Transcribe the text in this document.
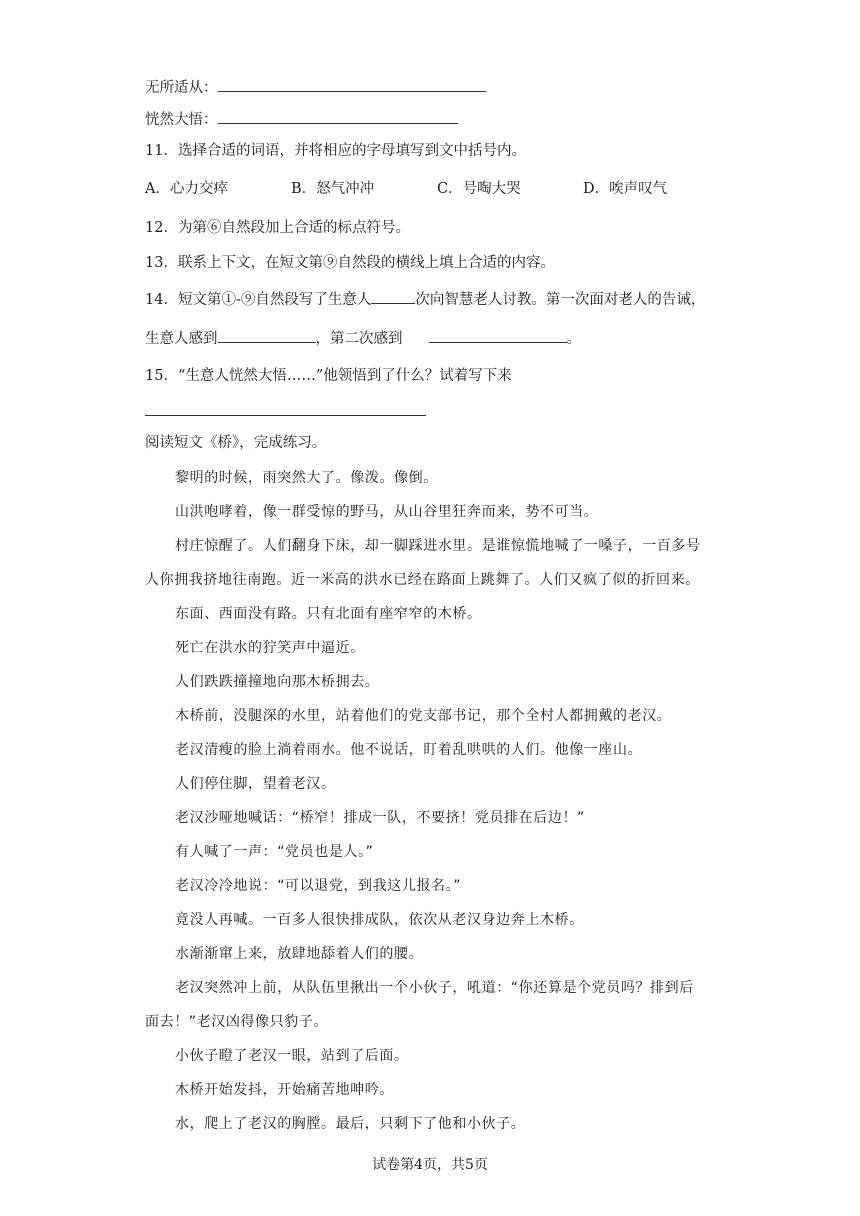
无所适从：
恍然大悟：
11．选择合适的词语，并将相应的字母填写到文中括号内。
A．心力交瘁	B．怒气冲冲	C．号啕大哭	D．唉声叹气
12．为第⑥自然段加上合适的标点符号。
13．联系上下文，在短文第⑨自然段的横线上填上合适的内容。
14．短文第①-⑨自然段写了生意人	次向智慧老人讨教。第一次面对老人的告诫，
生意人感到	，第二次感到	。
15．“生意人恍然大悟……”他领悟到了什么？试着写下来
阅读短文《桥》，完成练习。
黎明的时候，雨突然大了。像泼。像倒。
山洪咆哮着，像一群受惊的野马，从山谷里狂奔而来，势不可当。
村庄惊醒了。人们翻身下床，却一脚踩进水里。是谁惊慌地喊了一嗓子，一百多号
人你拥我挤地往南跑。近一米高的洪水已经在路面上跳舞了。人们又疯了似的折回来。
东面、西面没有路。只有北面有座窄窄的木桥。
死亡在洪水的狞笑声中逼近。
人们跌跌撞撞地向那木桥拥去。
木桥前，没腿深的水里，站着他们的党支部书记，那个全村人都拥戴的老汉。
老汉清瘦的脸上淌着雨水。他不说话，盯着乱哄哄的人们。他像一座山。
人们停住脚，望着老汉。
老汉沙哑地喊话：“桥窄！排成一队，不要挤！党员排在后边！”
有人喊了一声：“党员也是人。”
老汉冷冷地说：“可以退党，到我这儿报名。”
竟没人再喊。一百多人很快排成队，依次从老汉身边奔上木桥。
水渐渐窜上来，放肆地舔着人们的腰。
老汉突然冲上前，从队伍里揪出一个小伙子，吼道：“你还算是个党员吗？排到后
面去！”老汉凶得像只豹子。
小伙子瞪了老汉一眼，站到了后面。
木桥开始发抖，开始痛苦地呻吟。
水，爬上了老汉的胸膛。最后，只剩下了他和小伙子。
试卷第4页，共5页
